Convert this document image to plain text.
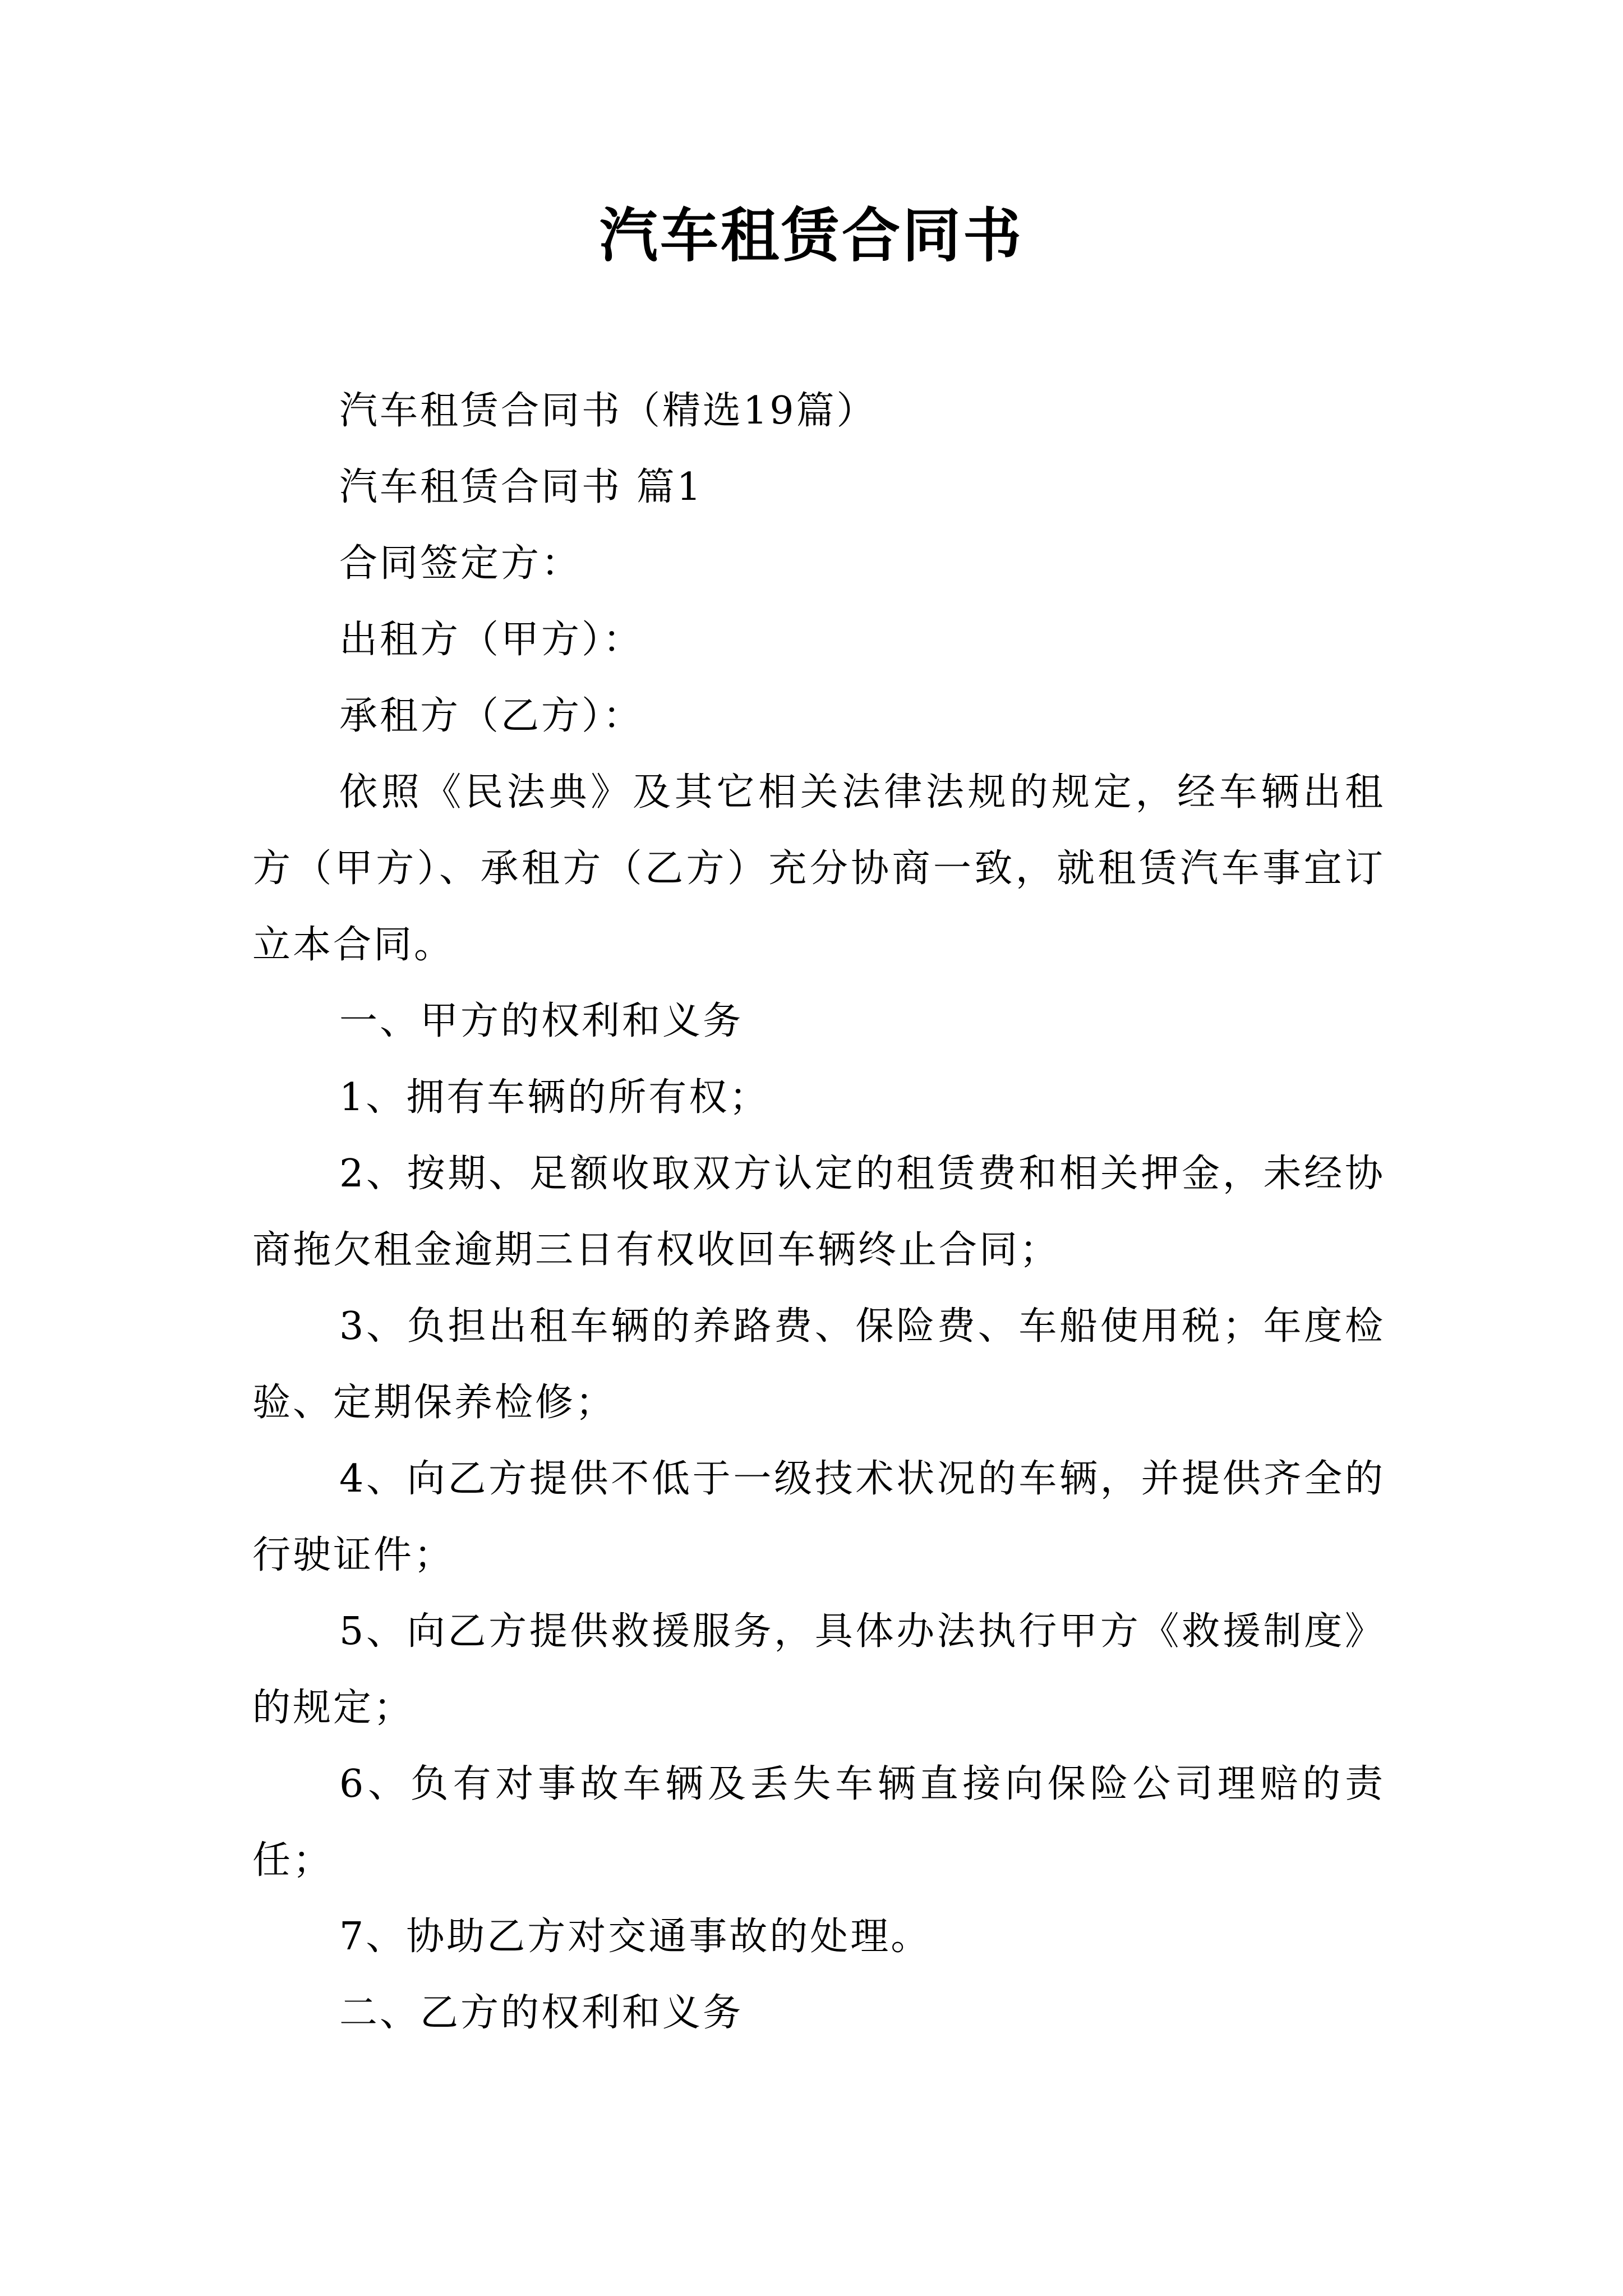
汽车租赁合同书

汽车租赁合同书（精选19篇）

汽车租赁合同书 篇1

合同签定方：

出租方（甲方）：

承租方（乙方）：

依照《民法典》及其它相关法律法规的规定，经车辆出租方（甲方）、承租方（乙方）充分协商一致，就租赁汽车事宜订立本合同。

一、甲方的权利和义务

1、拥有车辆的所有权；

2、按期、足额收取双方认定的租赁费和相关押金，未经协商拖欠租金逾期三日有权收回车辆终止合同；

3、负担出租车辆的养路费、保险费、车船使用税；年度检验、定期保养检修；

4、向乙方提供不低于一级技术状况的车辆，并提供齐全的行驶证件；

5、向乙方提供救援服务，具体办法执行甲方《救援制度》的规定；

6、负有对事故车辆及丢失车辆直接向保险公司理赔的责任；

7、协助乙方对交通事故的处理。

二、乙方的权利和义务
